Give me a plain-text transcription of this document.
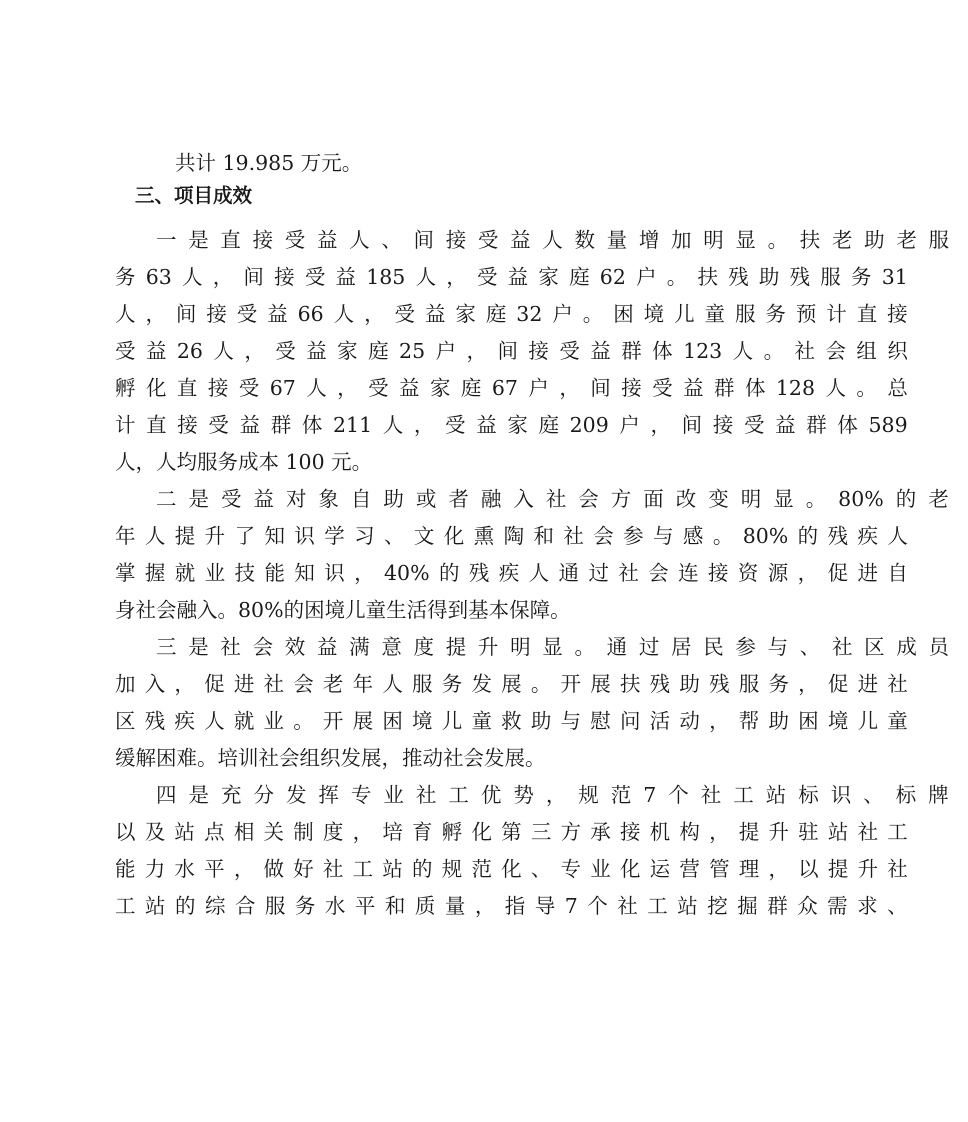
共计 19.985 万元。
三、项目成效
一 是 直 接 受 益 人 、 间 接 受 益 人 数 量 增 加 明 显 。 扶 老 助 老 服
务 63 人 ， 间 接 受 益 185 人 ， 受 益 家 庭 62 户 。 扶 残 助 残 服 务 31
人 ， 间 接 受 益 66 人 ， 受 益 家 庭 32 户 。 困 境 儿 童 服 务 预 计 直 接
受 益 26 人 ， 受 益 家 庭 25 户 ， 间 接 受 益 群 体 123 人 。 社 会 组 织
孵 化 直 接 受 67 人 ， 受 益 家 庭 67 户 ， 间 接 受 益 群 体 128 人 。 总
计 直 接 受 益 群 体 211 人 ， 受 益 家 庭 209 户 ， 间 接 受 益 群 体 589
人，人均服务成本 100 元。
二 是 受 益 对 象 自 助 或 者 融 入 社 会 方 面 改 变 明 显 。 80% 的 老
年 人 提 升 了 知 识 学 习 、 文 化 熏 陶 和 社 会 参 与 感 。 80% 的 残 疾 人
掌 握 就 业 技 能 知 识 ， 40% 的 残 疾 人 通 过 社 会 连 接 资 源 ， 促 进 自
身社会融入。80%的困境儿童生活得到基本保障。
三 是 社 会 效 益 满 意 度 提 升 明 显 。 通 过 居 民 参 与 、 社 区 成 员
加 入 ， 促 进 社 会 老 年 人 服 务 发 展 。 开 展 扶 残 助 残 服 务 ， 促 进 社
区 残 疾 人 就 业 。 开 展 困 境 儿 童 救 助 与 慰 问 活 动 ， 帮 助 困 境 儿 童
缓解困难。培训社会组织发展，推动社会发展。
四 是 充 分 发 挥 专 业 社 工 优 势 ， 规 范 7 个 社 工 站 标 识 、 标 牌
以 及 站 点 相 关 制 度 ， 培 育 孵 化 第 三 方 承 接 机 构 ， 提 升 驻 站 社 工
能 力 水 平 ， 做 好 社 工 站 的 规 范 化 、 专 业 化 运 营 管 理 ， 以 提 升 社
工 站 的 综 合 服 务 水 平 和 质 量 ， 指 导 7 个 社 工 站 挖 掘 群 众 需 求 、
